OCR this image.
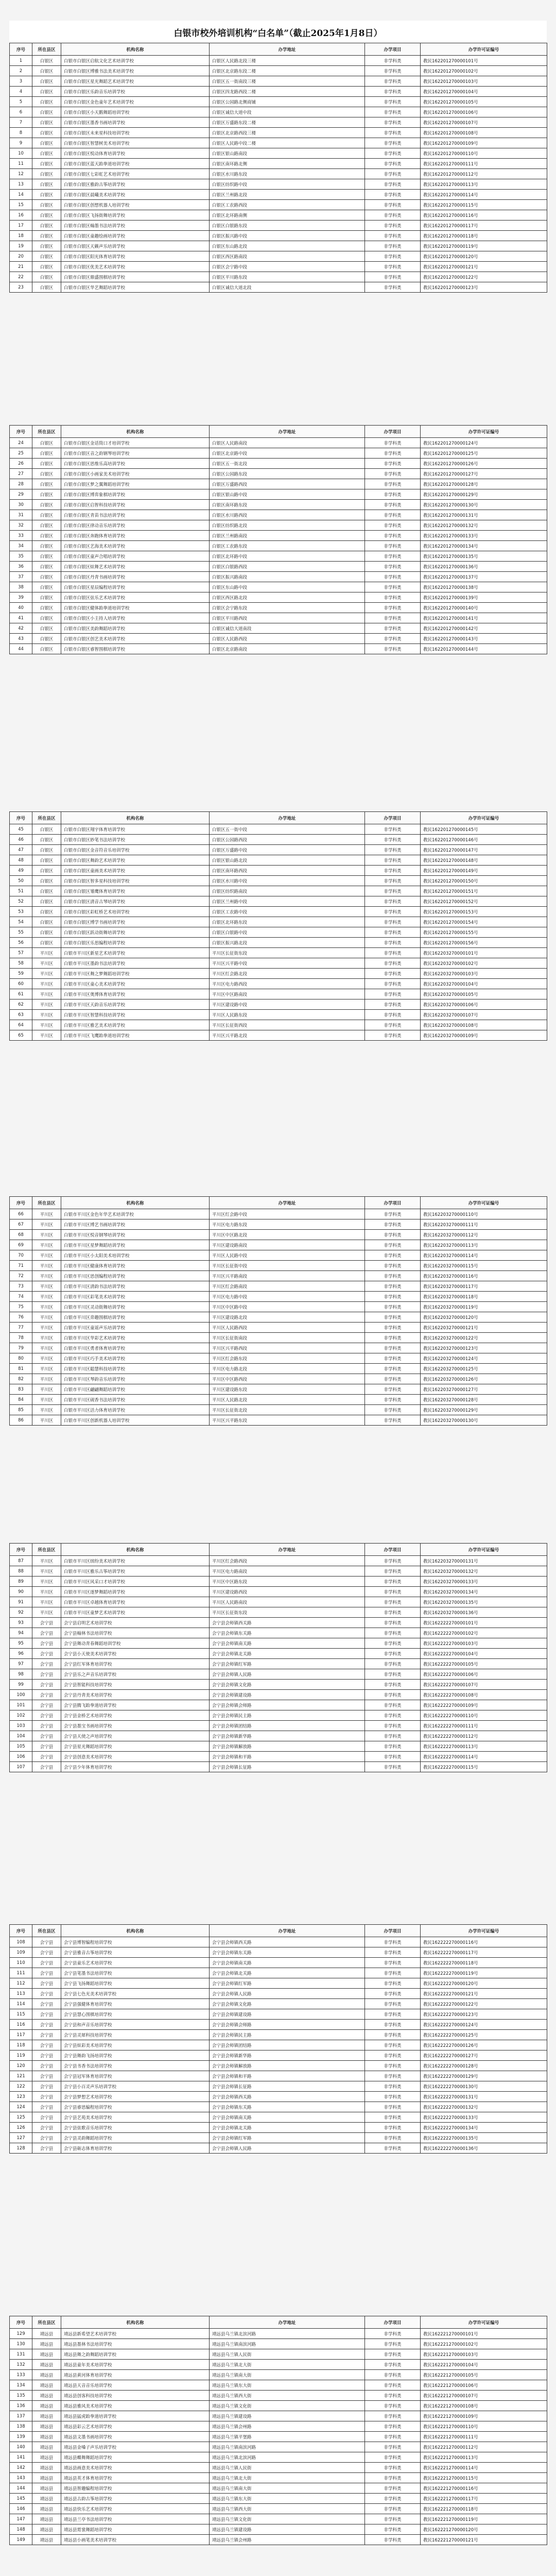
白银市校外培训机构“白名单”（截止2025年1月8日）
序号	所在县区	机构名称	办学地址	办学项目	办学许可证编号
1	白银区	白银市白银区启航文化艺术培训学校	白银区人民路北段三楼	非学科类	教民162201270000101号
2	白银区	白银市白银区博雅书法美术培训学校	白银区北京路东段二楼	非学科类	教民162201270000102号
3	白银区	白银市白银区星光舞蹈艺术培训学校	白银区五一街南段三楼	非学科类	教民162201270000103号
4	白银区	白银市白银区乐韵音乐培训学校	白银区四龙路西段二楼	非学科类	教民162201270000104号
5	白银区	白银市白银区金色童年艺术培训学校	白银区公园路北侧商铺	非学科类	教民162201270000105号
6	白银区	白银市白银区小天鹅舞蹈培训学校	白银区诚信大道中段	非学科类	教民162201270000106号
7	白银区	白银市白银区墨香书画培训学校	白银区万盛路东段二楼	非学科类	教民162201270000107号
8	白银区	白银市白银区未来星科技培训学校	白银区北京路西段三楼	非学科类	教民162201270000108号
9	白银区	白银市白银区智慧树美术培训学校	白银区人民路中段二楼	非学科类	教民162201270000109号
10	白银区	白银市白银区悦动体育培训学校	白银区银山路南段	非学科类	教民162201270000110号
11	白银区	白银市白银区蓝天跆拳道培训学校	白银区南环路北侧	非学科类	教民162201270000111号
12	白银区	白银市白银区七彩虹艺术培训学校	白银区水川路东段	非学科类	教民162201270000112号
13	白银区	白银市白银区雅韵古筝培训学校	白银区纺织路中段	非学科类	教民162201270000113号
14	白银区	白银市白银区晨曦美术培训学校	白银区兰州路北段	非学科类	教民162201270000114号
15	白银区	白银市白银区创想机器人培训学校	白银区工农路西段	非学科类	教民162201270000115号
16	白银区	白银市白银区飞扬街舞培训学校	白银区北环路南侧	非学科类	教民162201270000116号
17	白银区	白银市白银区翰墨书法培训学校	白银区白银路东段	非学科类	教民162201270000117号
18	白银区	白银市白银区童趣绘画培训学校	白银区振兴路中段	非学科类	教民162201270000118号
19	白银区	白银市白银区天籁声乐培训学校	白银区东山路北段	非学科类	教民162201270000119号
20	白银区	白银市白银区阳光体育培训学校	白银区西区路南段	非学科类	教民162201270000120号
21	白银区	白银市白银区优美艺术培训学校	白银区会宁路中段	非学科类	教民162201270000121号
22	白银区	白银市白银区鼎盛围棋培训学校	白银区平川路东段	非学科类	教民162201270000122号
23	白银区	白银市白银区华艺舞蹈培训学校	白银区诚信大道北段	非学科类	教民162201270000123号
序号	所在县区	机构名称	办学地址	办学项目	办学许可证编号
24	白银区	白银市白银区金话筒口才培训学校	白银区人民路南段	非学科类	教民162201270000124号
25	白银区	白银市白银区音之韵钢琴培训学校	白银区北京路中段	非学科类	教民162201270000125号
26	白银区	白银市白银区思维乐高培训学校	白银区五一街北段	非学科类	教民162201270000126号
27	白银区	白银市白银区小画家美术培训学校	白银区公园路东段	非学科类	教民162201270000127号
28	白银区	白银市白银区梦之翼舞蹈培训学校	白银区万盛路西段	非学科类	教民162201270000128号
29	白银区	白银市白银区博弈象棋培训学校	白银区银山路中段	非学科类	教民162201270000129号
30	白银区	白银市白银区启智科技培训学校	白银区南环路东段	非学科类	教民162201270000130号
31	白银区	白银市白银区青苗书法培训学校	白银区水川路西段	非学科类	教民162201270000131号
32	白银区	白银市白银区律动音乐培训学校	白银区纺织路北段	非学科类	教民162201270000132号
33	白银区	白银市白银区奔跑体育培训学校	白银区兰州路南段	非学科类	教民162201270000133号
34	白银区	白银市白银区艺海美术培训学校	白银区工农路东段	非学科类	教民162201270000134号
35	白银区	白银市白银区童声合唱培训学校	白银区北环路中段	非学科类	教民162201270000135号
36	白银区	白银市白银区炫舞艺术培训学校	白银区白银路西段	非学科类	教民162201270000136号
37	白银区	白银市白银区丹青书画培训学校	白银区振兴路南段	非学科类	教民162201270000137号
38	白银区	白银市白银区星辰编程培训学校	白银区东山路中段	非学科类	教民162201270000138号
39	白银区	白银市白银区弦乐艺术培训学校	白银区西区路北段	非学科类	教民162201270000139号
40	白银区	白银市白银区健体跆拳道培训学校	白银区会宁路东段	非学科类	教民162201270000140号
41	白银区	白银市白银区小主持人培训学校	白银区平川路西段	非学科类	教民162201270000141号
42	白银区	白银市白银区美韵舞蹈培训学校	白银区诚信大道南段	非学科类	教民162201270000142号
43	白银区	白银市白银区创艺美术培训学校	白银区人民路西段	非学科类	教民162201270000143号
44	白银区	白银市白银区睿智围棋培训学校	白银区北京路南段	非学科类	教民162201270000144号
序号	所在县区	机构名称	办学地址	办学项目	办学许可证编号
45	白银区	白银市白银区翔宇体育培训学校	白银区五一街中段	非学科类	教民162201270000145号
46	白银区	白银市白银区妙笔书法培训学校	白银区公园路西段	非学科类	教民162201270000146号
47	白银区	白银市白银区金音符音乐培训学校	白银区万盛路中段	非学科类	教民162201270000147号
48	白银区	白银市白银区舞韵艺术培训学校	白银区银山路北段	非学科类	教民162201270000148号
49	白银区	白银市白银区童画美术培训学校	白银区南环路西段	非学科类	教民162201270000149号
50	白银区	白银市白银区智多星科技培训学校	白银区水川路中段	非学科类	教民162201270000150号
51	白银区	白银市白银区雏鹰体育培训学校	白银区纺织路南段	非学科类	教民162201270000151号
52	白银区	白银市白银区清音古琴培训学校	白银区兰州路中段	非学科类	教民162201270000152号
53	白银区	白银市白银区彩虹桥艺术培训学校	白银区工农路中段	非学科类	教民162201270000153号
54	白银区	白银市白银区博学书画培训学校	白银区北环路东段	非学科类	教民162201270000154号
55	白银区	白银市白银区跃动街舞培训学校	白银区白银路中段	非学科类	教民162201270000155号
56	白银区	白银市白银区乐思编程培训学校	白银区振兴路北段	非学科类	教民162201270000156号
57	平川区	白银市平川区新星艺术培训学校	平川区长征街东段	非学科类	教民162203270000101号
58	平川区	白银市平川区墨韵书法培训学校	平川区兴平路中段	非学科类	教民162203270000102号
59	平川区	白银市平川区舞之梦舞蹈培训学校	平川区红会路北段	非学科类	教民162203270000103号
60	平川区	白银市平川区童心美术培训学校	平川区电力路西段	非学科类	教民162203270000104号
61	平川区	白银市平川区奥博体育培训学校	平川区中区路南段	非学科类	教民162203270000105号
62	平川区	白银市平川区天韵音乐培训学校	平川区建设路中段	非学科类	教民162203270000106号
63	平川区	白银市平川区智慧科技培训学校	平川区人民路东段	非学科类	教民162203270000107号
64	平川区	白银市平川区雅艺美术培训学校	平川区长征街西段	非学科类	教民162203270000108号
65	平川区	白银市平川区飞鹰跆拳道培训学校	平川区兴平路北段	非学科类	教民162203270000109号
序号	所在县区	机构名称	办学地址	办学项目	办学许可证编号
66	平川区	白银市平川区金色年华艺术培训学校	平川区红会路中段	非学科类	教民162203270000110号
67	平川区	白银市平川区博艺书画培训学校	平川区电力路东段	非学科类	教民162203270000111号
68	平川区	白银市平川区悦音钢琴培训学校	平川区中区路北段	非学科类	教民162203270000112号
69	平川区	白银市平川区星梦舞蹈培训学校	平川区建设路南段	非学科类	教民162203270000113号
70	平川区	白银市平川区小太阳美术培训学校	平川区人民路中段	非学科类	教民162203270000114号
71	平川区	白银市平川区健康体育培训学校	平川区长征街中段	非学科类	教民162203270000115号
72	平川区	白银市平川区思创编程培训学校	平川区兴平路南段	非学科类	教民162203270000116号
73	平川区	白银市平川区清韵书法培训学校	平川区红会路南段	非学科类	教民162203270000117号
74	平川区	白银市平川区彩笔美术培训学校	平川区电力路中段	非学科类	教民162203270000118号
75	平川区	白银市平川区灵动街舞培训学校	平川区中区路中段	非学科类	教民162203270000119号
76	平川区	白银市平川区弈趣围棋培训学校	平川区建设路北段	非学科类	教民162203270000120号
77	平川区	白银市平川区童谣声乐培训学校	平川区人民路西段	非学科类	教民162203270000121号
78	平川区	白银市平川区华彩艺术培训学校	平川区长征街南段	非学科类	教民162203270000122号
79	平川区	白银市平川区勇者体育培训学校	平川区兴平路西段	非学科类	教民162203270000123号
80	平川区	白银市平川区巧手美术培训学校	平川区红会路东段	非学科类	教民162203270000124号
81	平川区	白银市平川区聪慧科技培训学校	平川区电力路北段	非学科类	教民162203270000125号
82	平川区	白银市平川区琴韵音乐培训学校	平川区中区路西段	非学科类	教民162203270000126号
83	平川区	白银市平川区翩翩舞蹈培训学校	平川区建设路东段	非学科类	教民162203270000127号
84	平川区	白银市平川区砚香书法培训学校	平川区人民路北段	非学科类	教民162203270000128号
85	平川区	白银市平川区活力体育培训学校	平川区长征街北段	非学科类	教民162203270000129号
86	平川区	白银市平川区创新机器人培训学校	平川区兴平路东段	非学科类	教民162203270000130号
序号	所在县区	机构名称	办学地址	办学项目	办学许可证编号
87	平川区	白银市平川区缤纷美术培训学校	平川区红会路西段	非学科类	教民162203270000131号
88	平川区	白银市平川区雅乐古筝培训学校	平川区电力路南段	非学科类	教民162203270000132号
89	平川区	白银市平川区风采口才培训学校	平川区中区路东段	非学科类	教民162203270000133号
90	平川区	白银市平川区逐梦舞蹈培训学校	平川区建设路西段	非学科类	教民162203270000134号
91	平川区	白银市平川区卓越体育培训学校	平川区人民路南段	非学科类	教民162203270000135号
92	平川区	白银市平川区童梦艺术培训学校	平川区长征街东段	非学科类	教民162203270000136号
93	会宁县	会宁县启明艺术培训学校	会宁县会师镇西关路	非学科类	教民162222270000101号
94	会宁县	会宁县翰林书法培训学校	会宁县会师镇东关路	非学科类	教民162222270000102号
95	会宁县	会宁县舞动青春舞蹈培训学校	会宁县会师镇南关路	非学科类	教民162222270000103号
96	会宁县	会宁县小天使美术培训学校	会宁县会师镇北关路	非学科类	教民162222270000104号
97	会宁县	会宁县红军体育培训学校	会宁县会师镇红军路	非学科类	教民162222270000105号
98	会宁县	会宁县乐之声音乐培训学校	会宁县会师镇人民路	非学科类	教民162222270000106号
99	会宁县	会宁县智能科技培训学校	会宁县会师镇文化路	非学科类	教民162222270000107号
100	会宁县	会宁县丹青美术培训学校	会宁县会师镇建设路	非学科类	教民162222270000108号
101	会宁县	会宁县腾飞跆拳道培训学校	会宁县会师镇会师路	非学科类	教民162222270000109号
102	会宁县	会宁县金桥艺术培训学校	会宁县会师镇民主路	非学科类	教民162222270000110号
103	会宁县	会宁县墨宝书画培训学校	会宁县会师镇团结路	非学科类	教民162222270000111号
104	会宁县	会宁县天使之声培训学校	会宁县会师镇新华路	非学科类	教民162222270000112号
105	会宁县	会宁县星光舞蹈培训学校	会宁县会师镇解放路	非学科类	教民162222270000113号
106	会宁县	会宁县创意美术培训学校	会宁县会师镇和平路	非学科类	教民162222270000114号
107	会宁县	会宁县少年体育培训学校	会宁县会师镇长征路	非学科类	教民162222270000115号
序号	所在县区	机构名称	办学地址	办学项目	办学许可证编号
108	会宁县	会宁县博智编程培训学校	会宁县会师镇西关路	非学科类	教民162222270000116号
109	会宁县	会宁县雅音古筝培训学校	会宁县会师镇东关路	非学科类	教民162222270000117号
110	会宁县	会宁县童乐艺术培训学校	会宁县会师镇南关路	非学科类	教民162222270000118号
111	会宁县	会宁县笔墨书法培训学校	会宁县会师镇北关路	非学科类	教民162222270000119号
112	会宁县	会宁县飞扬舞蹈培训学校	会宁县会师镇红军路	非学科类	教民162222270000120号
113	会宁县	会宁县七色光美术培训学校	会宁县会师镇人民路	非学科类	教民162222270000121号
114	会宁县	会宁县强健体育培训学校	会宁县会师镇文化路	非学科类	教民162222270000122号
115	会宁县	会宁县慧心围棋培训学校	会宁县会师镇建设路	非学科类	教民162222270000123号
116	会宁县	会宁县和声音乐培训学校	会宁县会师镇会师路	非学科类	教民162222270000124号
117	会宁县	会宁县灵犀科技培训学校	会宁县会师镇民主路	非学科类	教民162222270000125号
118	会宁县	会宁县炫彩美术培训学校	会宁县会师镇团结路	非学科类	教民162222270000126号
119	会宁县	会宁县舞韵飞扬培训学校	会宁县会师镇新华路	非学科类	教民162222270000127号
120	会宁县	会宁县书香书法培训学校	会宁县会师镇解放路	非学科类	教民162222270000128号
121	会宁县	会宁县冠军体育培训学校	会宁县会师镇和平路	非学科类	教民162222270000129号
122	会宁县	会宁县小百灵声乐培训学校	会宁县会师镇长征路	非学科类	教民162222270000130号
123	会宁县	会宁县梦想艺术培训学校	会宁县会师镇西关路	非学科类	教民162222270000131号
124	会宁县	会宁县睿思编程培训学校	会宁县会师镇东关路	非学科类	教民162222270000132号
125	会宁县	会宁县艺苑美术培训学校	会宁县会师镇南关路	非学科类	教民162222270000133号
126	会宁县	会宁县弦歌音乐培训学校	会宁县会师镇北关路	非学科类	教民162222270000134号
127	会宁县	会宁县灵韵舞蹈培训学校	会宁县会师镇红军路	非学科类	教民162222270000135号
128	会宁县	会宁县砺志体育培训学校	会宁县会师镇人民路	非学科类	教民162222270000136号
序号	所在县区	机构名称	办学地址	办学项目	办学许可证编号
129	靖远县	靖远县新希望艺术培训学校	靖远县乌兰镇北滨河路	非学科类	教民162221270000101号
130	靖远县	靖远县墨林书法培训学校	靖远县乌兰镇南滨河路	非学科类	教民162221270000102号
131	靖远县	靖远县舞之韵舞蹈培训学校	靖远县乌兰镇人民街	非学科类	教民162221270000103号
132	靖远县	靖远县童年美术培训学校	靖远县乌兰镇北大街	非学科类	教民162221270000104号
133	靖远县	靖远县黄河体育培训学校	靖远县乌兰镇南大街	非学科类	教民162221270000105号
134	靖远县	靖远县天音音乐培训学校	靖远县乌兰镇东大街	非学科类	教民162221270000106号
135	靖远县	靖远县创客科技培训学校	靖远县乌兰镇西大街	非学科类	教民162221270000107号
136	靖远县	靖远县雅风美术培训学校	靖远县乌兰镇文化街	非学科类	教民162221270000108号
137	靖远县	靖远县猛虎跆拳道培训学校	靖远县乌兰镇建设路	非学科类	教民162221270000109号
138	靖远县	靖远县彩云艺术培训学校	靖远县乌兰镇会州路	非学科类	教民162221270000110号
139	靖远县	靖远县文墨书画培训学校	靖远县乌兰镇平堡路	非学科类	教民162221270000111号
140	靖远县	靖远县金嗓子声乐培训学校	靖远县乌兰镇南滨河路	非学科类	教民162221270000112号
141	靖远县	靖远县蝶舞舞蹈培训学校	靖远县乌兰镇北滨河路	非学科类	教民162221270000113号
142	靖远县	靖远县画意美术培训学校	靖远县乌兰镇人民街	非学科类	教民162221270000114号
143	靖远县	靖远县英才体育培训学校	靖远县乌兰镇北大街	非学科类	教民162221270000115号
144	靖远县	靖远县智趣编程培训学校	靖远县乌兰镇南大街	非学科类	教民162221270000116号
145	靖远县	靖远县古韵古筝培训学校	靖远县乌兰镇东大街	非学科类	教民162221270000117号
146	靖远县	靖远县快乐艺术培训学校	靖远县乌兰镇西大街	非学科类	教民162221270000118号
147	靖远县	靖远县兰亭书法培训学校	靖远县乌兰镇文化街	非学科类	教民162221270000119号
148	靖远县	靖远县霓裳舞蹈培训学校	靖远县乌兰镇建设路	非学科类	教民162221270000120号
149	靖远县	靖远县小画笔美术培训学校	靖远县乌兰镇会州路	非学科类	教民162221270000121号
